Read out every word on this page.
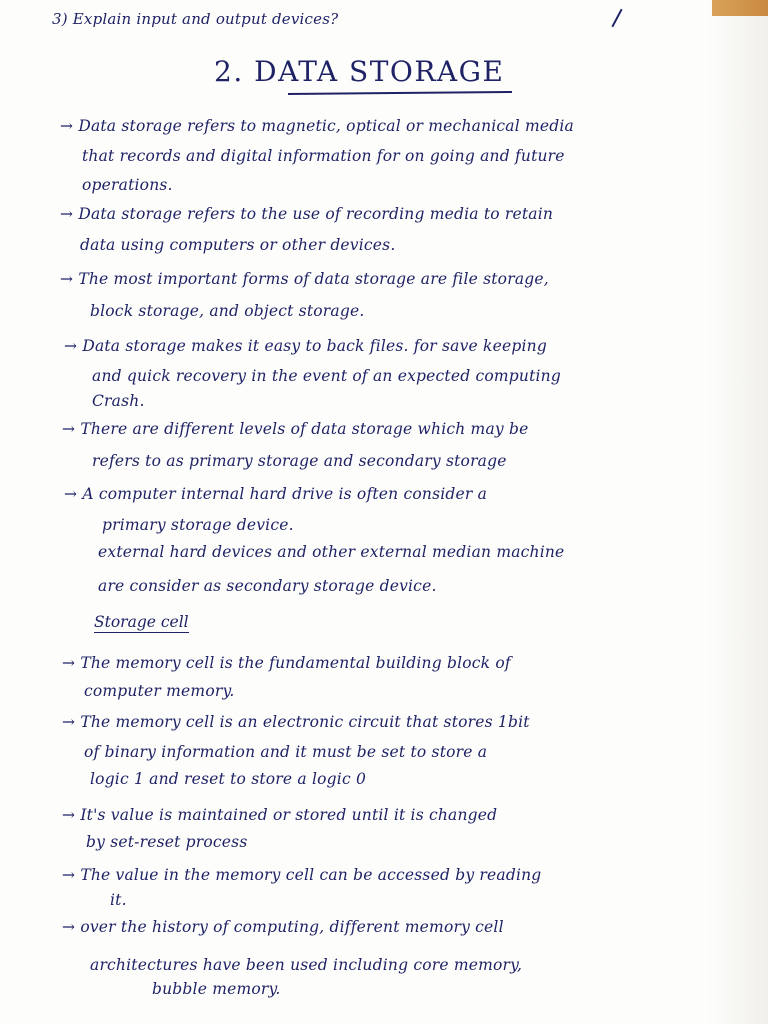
3) Explain input and output devices?
2. DATA STORAGE
→ Data storage refers to magnetic, optical or mechanical media
that records and digital information for on going and future
operations.
→ Data storage refers to the use of recording media to retain
data using computers or other devices.
→ The most important forms of data storage are file storage,
block storage, and object storage.
→ Data storage makes it easy to back files. for save keeping
and quick recovery in the event of an expected computing
Crash.
→ There are different levels of data storage which may be
refers to as primary storage and secondary storage
→ A computer internal hard drive is often consider a
primary storage device.
external hard devices and other external median machine
are consider as secondary storage device.
Storage cell
→ The memory cell is the fundamental building block of
computer memory.
→ The memory cell is an electronic circuit that stores 1bit
of binary information and it must be set to store a
logic 1 and reset to store a logic 0
→ It's value is maintained or stored until it is changed
by set-reset process
→ The value in the memory cell can be accessed by reading
it.
→ over the history of computing, different memory cell
architectures have been used including core memory,
bubble memory.
